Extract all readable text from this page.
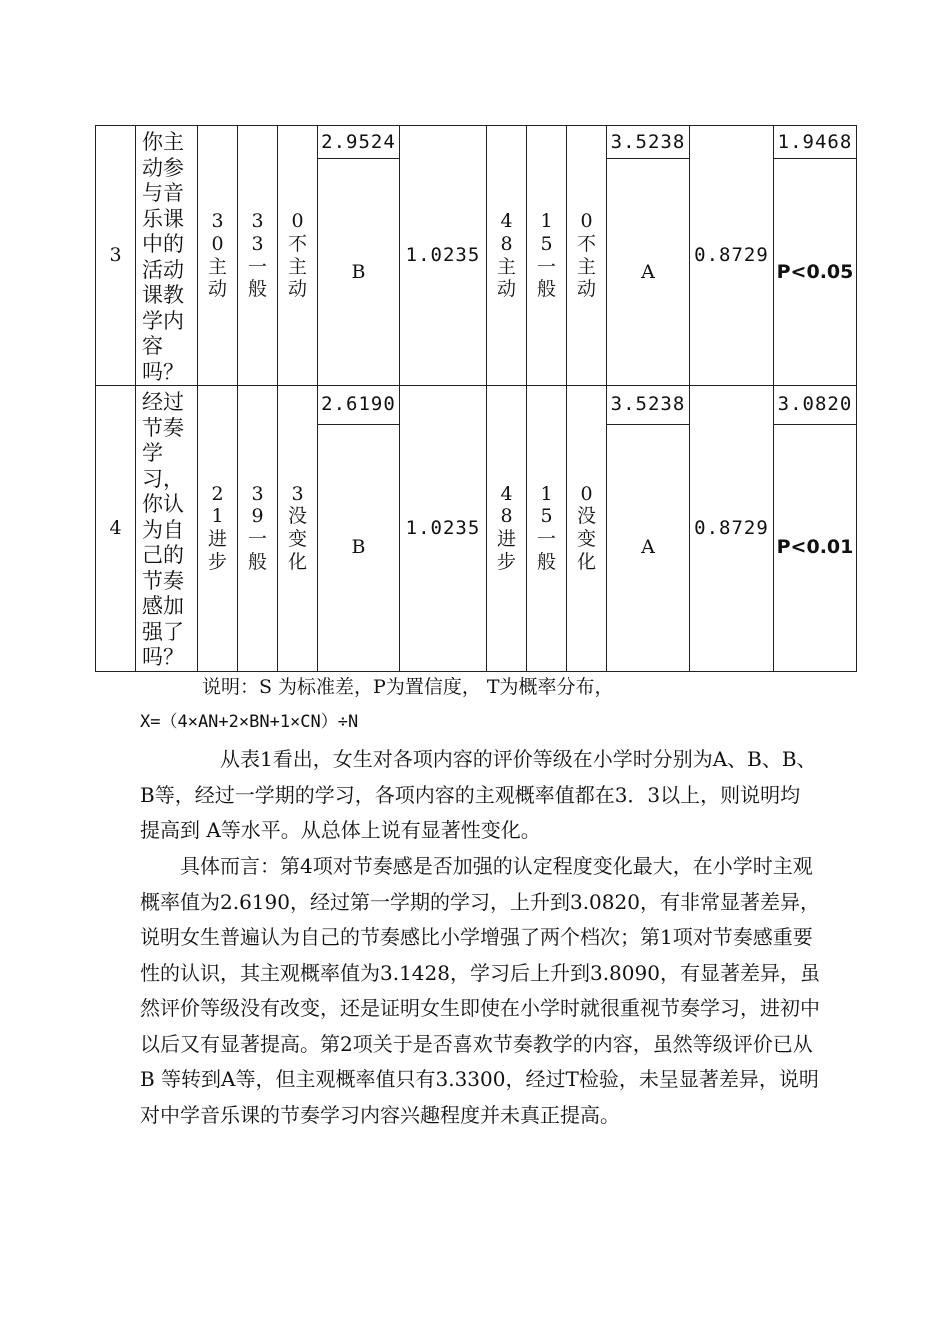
3	你主动参与音乐课中的活动课教学内容吗？	30主动	33一般	0不主动	2.9524	1.0235	48主动	15一般	0不主动	3.5238	0.8729	1.9468
					B					A		P<0.05
4	经过节奏学习，你认为自己的节奏感加强了吗？	21进步	39一般	3没变化	2.6190	1.0235	48进步	15一般	0没变化	3.5238	0.8729	3.0820
					B					A		P<0.01
说明：S 为标准差，P为置信度， T为概率分布，
X=（4×AN+2×BN+1×CN）÷N

从表1看出，女生对各项内容的评价等级在小学时分别为A、B、B、B等，经过一学期的学习，各项内容的主观概率值都在3．3以上，则说明均提高到 A等水平。从总体上说有显著性变化。

具体而言：第4项对节奏感是否加强的认定程度变化最大，在小学时主观概率值为2.6190，经过第一学期的学习，上升到3.0820，有非常显著差异，说明女生普遍认为自己的节奏感比小学增强了两个档次；第1项对节奏感重要性的认识，其主观概率值为3.1428，学习后上升到3.8090，有显著差异，虽然评价等级没有改变，还是证明女生即使在小学时就很重视节奏学习，进初中以后又有显著提高。第2项关于是否喜欢节奏教学的内容，虽然等级评价已从 B 等转到A等，但主观概率值只有3.3300，经过T检验，未呈显著差异，说明对中学音乐课的节奏学习内容兴趣程度并未真正提高。
